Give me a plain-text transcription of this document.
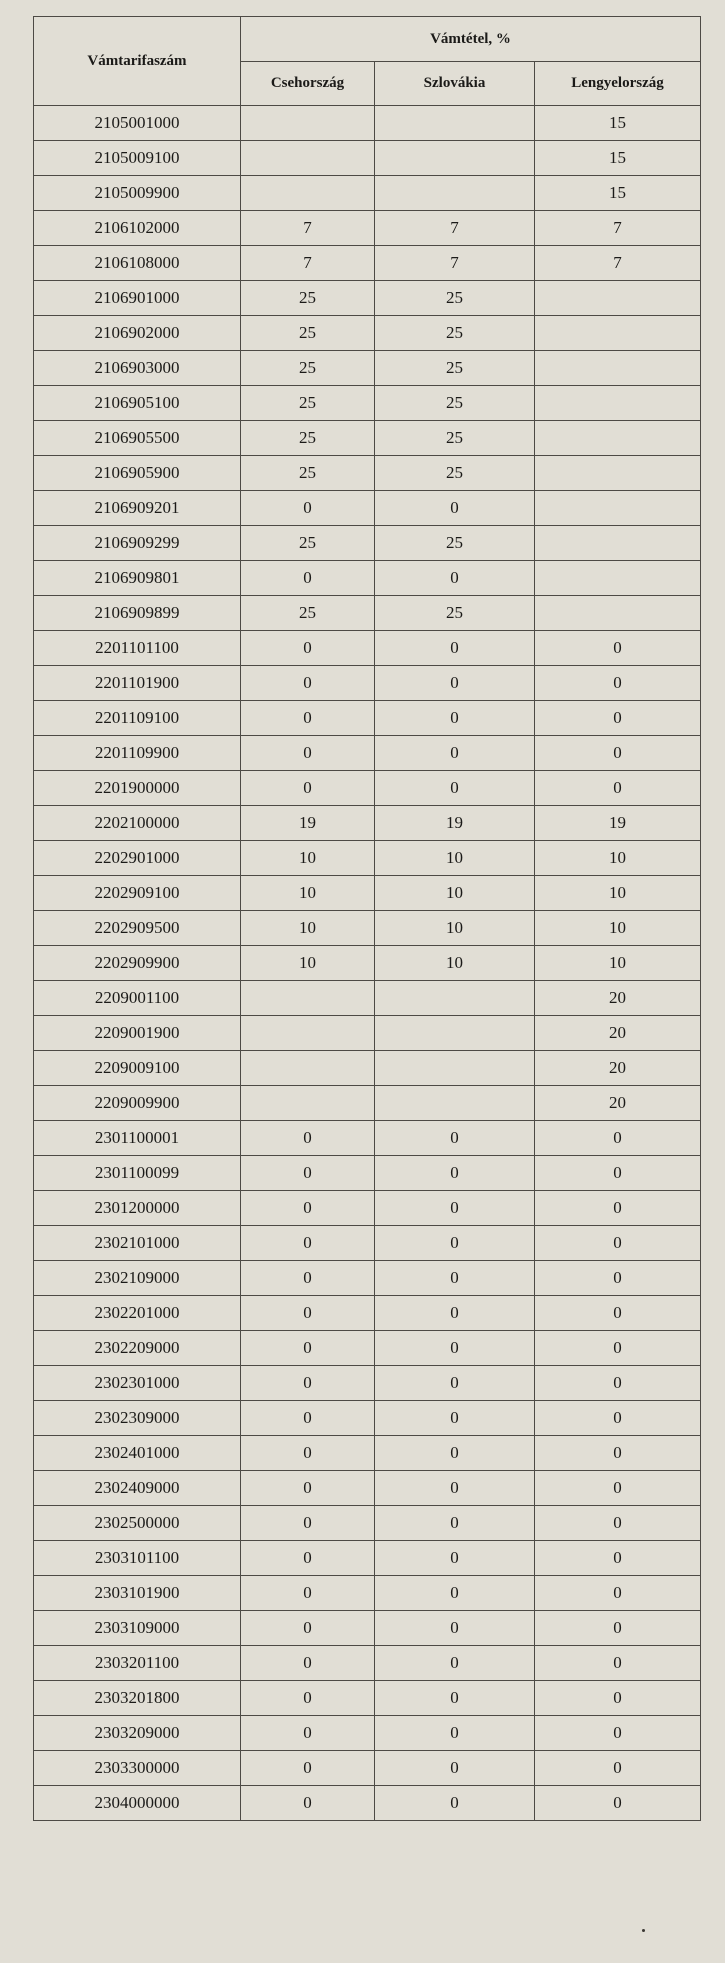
Vámtarifaszám	Vámtétel, %		
	Csehország	Szlovákia	Lengyelország
2105001000			15
2105009100			15
2105009900			15
2106102000	7	7	7
2106108000	7	7	7
2106901000	25	25	
2106902000	25	25	
2106903000	25	25	
2106905100	25	25	
2106905500	25	25	
2106905900	25	25	
2106909201	0	0	
2106909299	25	25	
2106909801	0	0	
2106909899	25	25	
2201101100	0	0	0
2201101900	0	0	0
2201109100	0	0	0
2201109900	0	0	0
2201900000	0	0	0
2202100000	19	19	19
2202901000	10	10	10
2202909100	10	10	10
2202909500	10	10	10
2202909900	10	10	10
2209001100			20
2209001900			20
2209009100			20
2209009900			20
2301100001	0	0	0
2301100099	0	0	0
2301200000	0	0	0
2302101000	0	0	0
2302109000	0	0	0
2302201000	0	0	0
2302209000	0	0	0
2302301000	0	0	0
2302309000	0	0	0
2302401000	0	0	0
2302409000	0	0	0
2302500000	0	0	0
2303101100	0	0	0
2303101900	0	0	0
2303109000	0	0	0
2303201100	0	0	0
2303201800	0	0	0
2303209000	0	0	0
2303300000	0	0	0
2304000000	0	0	0
